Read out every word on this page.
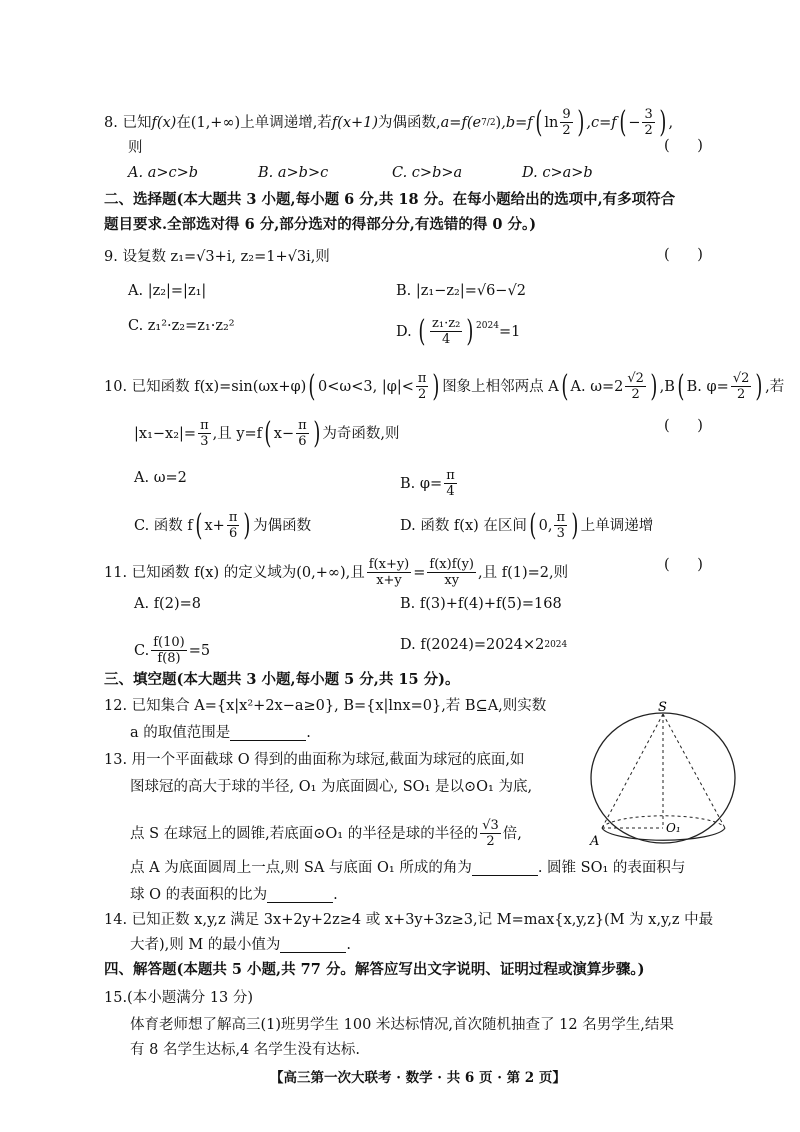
8.
已知 f(x) 在(1,+∞)上单调递增,若 f(x+1) 为偶函数, a=f(e 7/2 ) ,b=f ( $\ln \frac{9}{2}$ ) ,c=f ( − $\frac{3}{2}$ ) ,
则	(      )
A. a>c>b	B. a>b>c	C. c>b>a	D. c>a>b
二、选择题(本大题共 3 小题,每小题 6 分,共 18 分。在每小题给出的选项中,有多项符合
题目要求.全部选对得 6 分,部分选对的得部分分,有选错的得 0 分。)
9. 设复数 z₁=√3+i, z₂=1+√3i,则	(      )
A. |z₂|=|z₁|	B. |z₁−z₂|=√6−√2
C. z₁²·z₂=z₁·z₂²	D.
( $\frac{\text{z₁·z₂}}{4}$ ) $^{2024}$ =1
10. 已知函数 f(x)=sin(ωx+φ) ( 0<ω<3, $|\varphi|< \frac{\pi}{2}$ ) 图象上相邻两点 A ( A. $\omega=2 \frac{√2}{2}$ ) ,B ( B. $\varphi= \frac{√2}{2}$ ) ,若
$|x_1-x_2|= \frac{\pi}{3}$ ,且 y=f ( $x- \frac{\pi}{6}$ ) 为奇函数,则	(      )
A. ω=2	B. $\varphi= \frac{\pi}{4}$
C. 函数 f ( $x+ \frac{\pi}{6}$ ) 为偶函数	D. 函数 f(x) 在区间 ( 0, $\frac{\pi}{3}$ ) 上单调递增
11. 已知函数 f(x) 的定义域为(0,+∞),且 $\frac{f(x+y)}{x+y} = \frac{f(x)f(y)}{xy}$ ,且 f(1)=2,则	(      )
A. f(2)=8	B. f(3)+f(4)+f(5)=168
C. $\frac{f(10)}{f(8)} =5$	D. f(2024)=2024×2 2024
三、填空题(本大题共 3 小题,每小题 5 分,共 15 分)。
12. 已知集合 A={x|x²+2x−a≥0}, B={x|lnx=0},若 B⊆A,则实数
a 的取值范围是	.
13. 用一个平面截球 O 得到的曲面称为球冠,截面为球冠的底面,如
图球冠的高大于球的半径, O₁ 为底面圆心, SO₁ 是以⊙O₁ 为底,
点 S 在球冠上的圆锥,若底面⊙O₁ 的半径是球的半径的 $\frac{√3}{2}$ 倍,
点 A 为底面圆周上一点,则 SA 与底面 O₁ 所成的角为	. 圆锥 SO₁ 的表面积与
球 O 的表面积的比为	.
S
A
O₁
14. 已知正数 x,y,z 满足 3x+2y+2z≥4 或 x+3y+3z≥3,记 M=max{x,y,z}(M 为 x,y,z 中最
大者),则 M 的最小值为	.
四、解答题(本题共 5 小题,共 77 分。解答应写出文字说明、证明过程或演算步骤。)
15.(本小题满分 13 分)
体育老师想了解高三(1)班男学生 100 米达标情况,首次随机抽查了 12 名男学生,结果
有 8 名学生达标,4 名学生没有达标.
【高三第一次大联考 · 数学 · 共 6 页 · 第 2 页】
